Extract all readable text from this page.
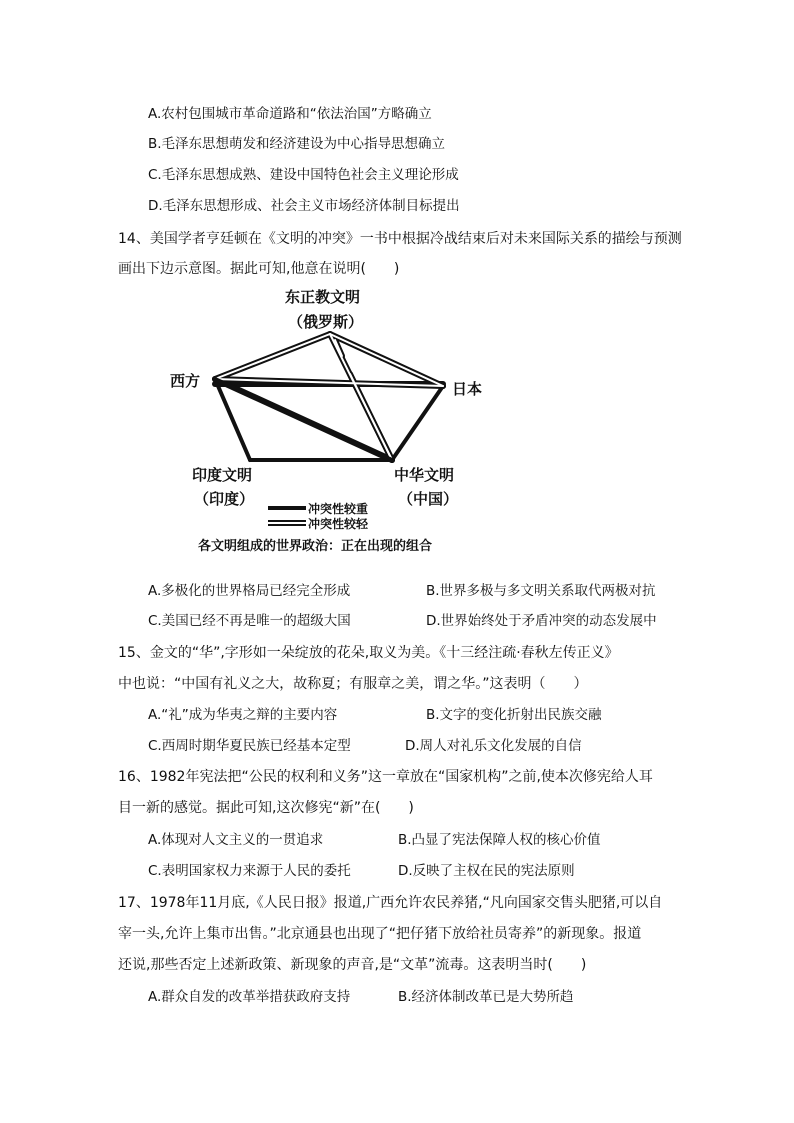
A.农村包围城市革命道路和“依法治国”方略确立
B.毛泽东思想萌发和经济建设为中心指导思想确立
C.毛泽东思想成熟、建设中国特色社会主义理论形成
D.毛泽东思想形成、社会主义市场经济体制目标提出
14、美国学者亨廷顿在《文明的冲突》一书中根据冷战结束后对未来国际关系的描绘与预测
画出下边示意图。据此可知,他意在说明(　　)
东正教文明
（俄罗斯）
西方	日本
印度文明
（印度）
中华文明
（中国）
冲突性较重
冲突性较轻
各文明组成的世界政治：正在出现的组合
A.多极化的世界格局已经完全形成	B.世界多极与多文明关系取代两极对抗
C.美国已经不再是唯一的超级大国	D.世界始终处于矛盾冲突的动态发展中
15、金文的“华”,字形如一朵绽放的花朵,取义为美。《十三经注疏·春秋左传正义》
中也说：“中国有礼义之大，故称夏；有服章之美，谓之华。”这表明（　　）
A.“礼”成为华夷之辩的主要内容	B.文字的变化折射出民族交融
C.西周时期华夏民族已经基本定型	D.周人对礼乐文化发展的自信
16、1982年宪法把“公民的权利和义务”这一章放在“国家机构”之前,使本次修宪给人耳
目一新的感觉。据此可知,这次修宪“新”在(　　)
A.体现对人文主义的一贯追求	B.凸显了宪法保障人权的核心价值
C.表明国家权力来源于人民的委托	D.反映了主权在民的宪法原则
17、1978年11月底,《人民日报》报道,广西允许农民养猪,“凡向国家交售头肥猪,可以自
宰一头,允许上集市出售。”北京通县也出现了“把仔猪下放给社员寄养”的新现象。报道
还说,那些否定上述新政策、新现象的声音,是“文革”流毒。这表明当时(　　)
A.群众自发的改革举措获政府支持	B.经济体制改革已是大势所趋
